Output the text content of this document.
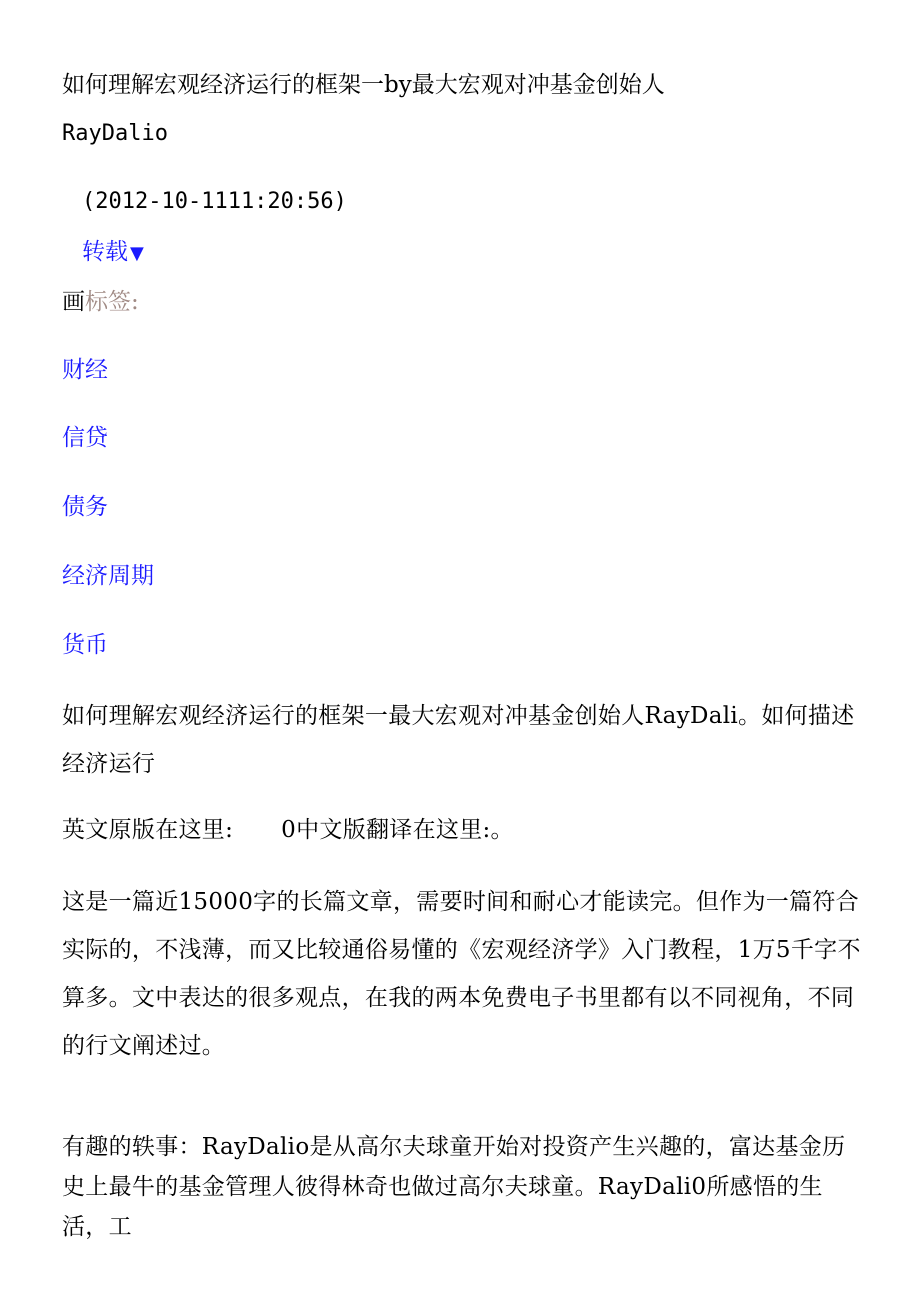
如何理解宏观经济运行的框架一by最大宏观对冲基金创始人
RayDalio
(2012-10-1111:20:56)
转载 ▼
画标签:
财经
信贷
债务
经济周期
货币
如何理解宏观经济运行的框架一最大宏观对冲基金创始人RayDali。如何描述经济运行
英文原版在这里: 0中文版翻译在这里:。
这是一篇近15000字的长篇文章，需要时间和耐心才能读完。但作为一篇符合实际的，不浅薄，而又比较通俗易懂的《宏观经济学》入门教程，1万5千字不算多。文中表达的很多观点，在我的两本免费电子书里都有以不同视角，不同的行文阐述过。
有趣的轶事：RayDalio是从高尔夫球童开始对投资产生兴趣的，富达基金历史上最牛的基金管理人彼得林奇也做过高尔夫球童。RayDali0所感悟的生活，工
